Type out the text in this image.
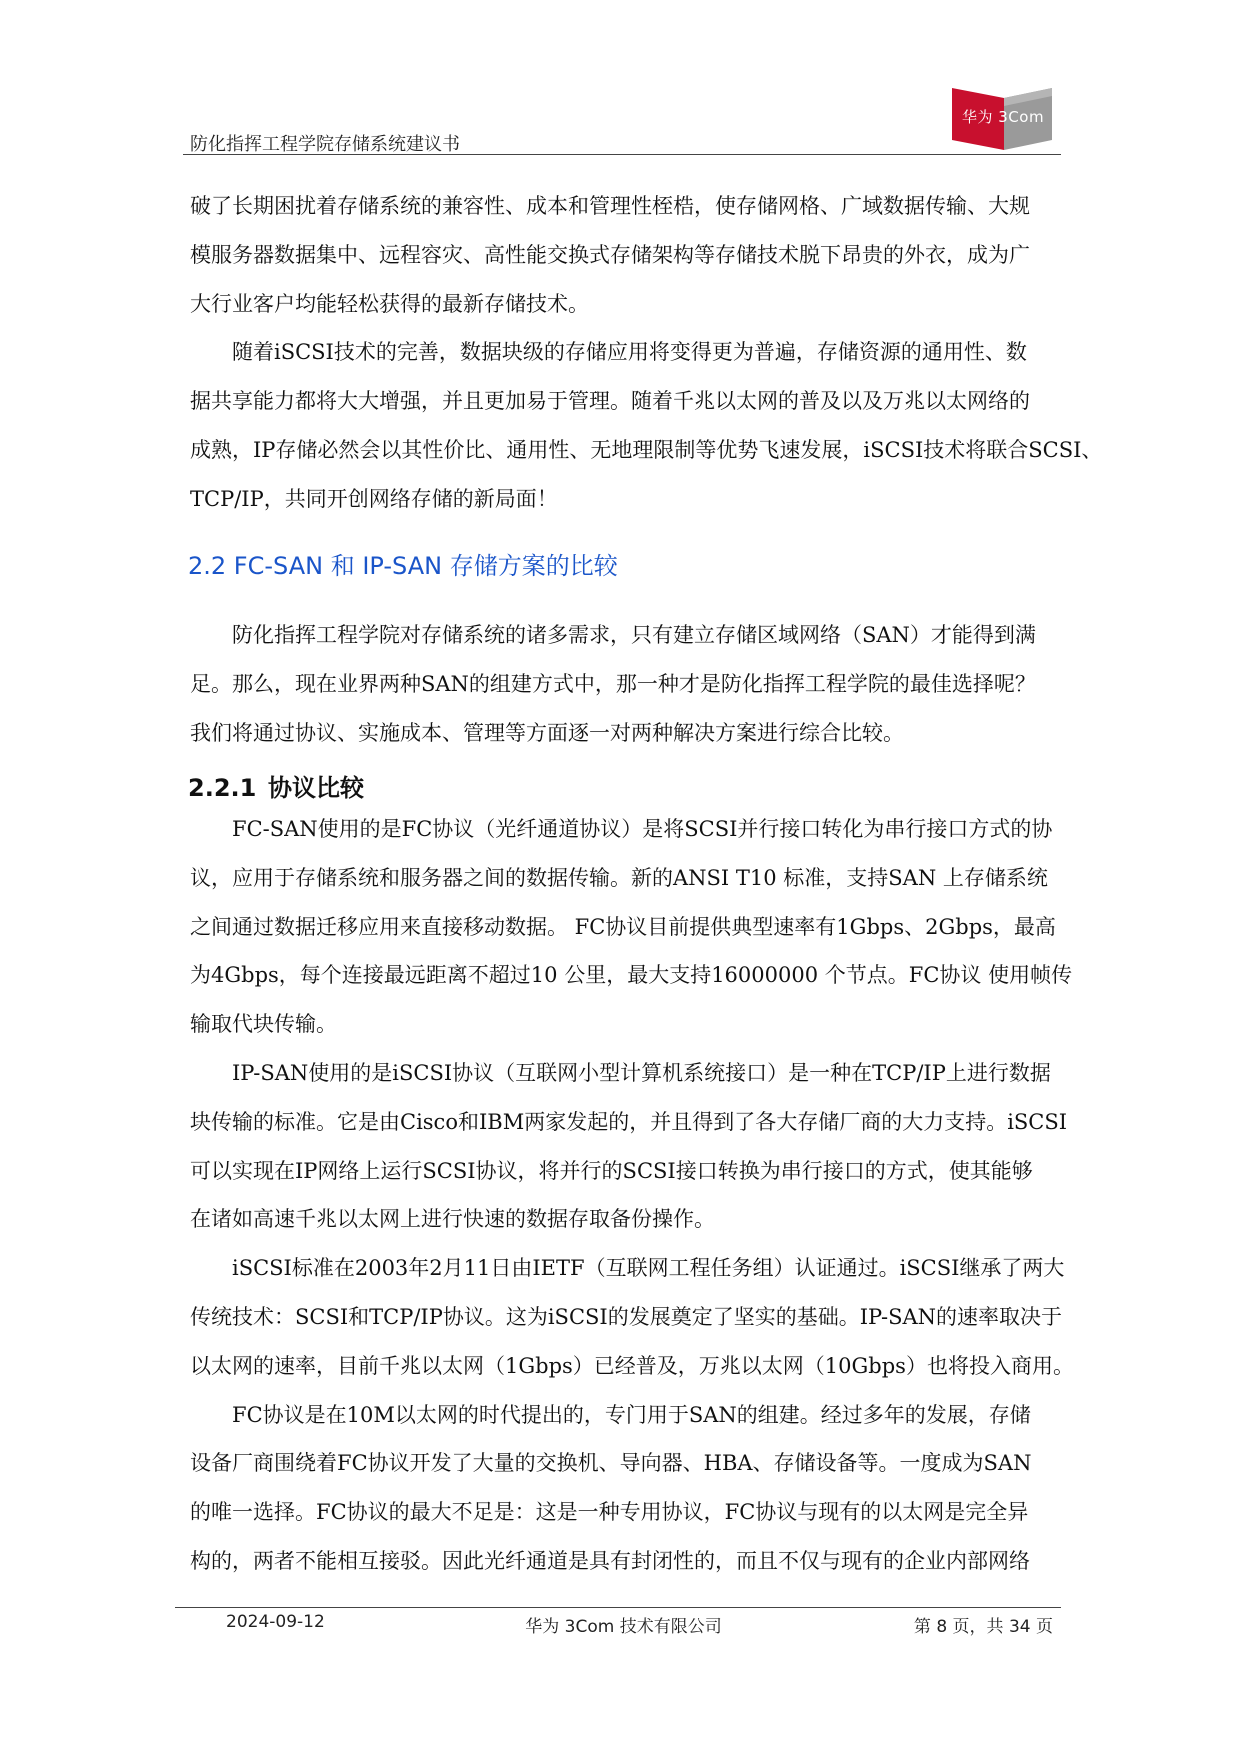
华为 3Com
防化指挥工程学院存储系统建议书
破了长期困扰着存储系统的兼容性、成本和管理性桎梏，使存储网格、广域数据传输、大规
模服务器数据集中、远程容灾、高性能交换式存储架构等存储技术脱下昂贵的外衣，成为广
大行业客户均能轻松获得的最新存储技术。
随着iSCSI技术的完善，数据块级的存储应用将变得更为普遍，存储资源的通用性、数
据共享能力都将大大增强，并且更加易于管理。随着千兆以太网的普及以及万兆以太网络的
成熟，IP存储必然会以其性价比、通用性、无地理限制等优势飞速发展，iSCSI技术将联合SCSI、
TCP/IP，共同开创网络存储的新局面！
2.2 FC-SAN 和 IP-SAN 存储方案的比较
防化指挥工程学院对存储系统的诸多需求，只有建立存储区域网络（SAN）才能得到满
足。那么，现在业界两种SAN的组建方式中，那一种才是防化指挥工程学院的最佳选择呢？
我们将通过协议、实施成本、管理等方面逐一对两种解决方案进行综合比较。
2.2.1 协议比较
FC-SAN使用的是FC协议（光纤通道协议）是将SCSI并行接口转化为串行接口方式的协
议，应用于存储系统和服务器之间的数据传输。新的ANSI T10 标准，支持SAN 上存储系统
之间通过数据迁移应用来直接移动数据。 FC协议目前提供典型速率有1Gbps、2Gbps，最高
为4Gbps，每个连接最远距离不超过10 公里，最大支持16000000 个节点。FC协议 使用帧传
输取代块传输。
IP-SAN使用的是iSCSI协议（互联网小型计算机系统接口）是一种在TCP/IP上进行数据
块传输的标准。它是由Cisco和IBM两家发起的，并且得到了各大存储厂商的大力支持。iSCSI
可以实现在IP网络上运行SCSI协议，将并行的SCSI接口转换为串行接口的方式，使其能够
在诸如高速千兆以太网上进行快速的数据存取备份操作。
iSCSI标准在2003年2月11日由IETF（互联网工程任务组）认证通过。iSCSI继承了两大
传统技术：SCSI和TCP/IP协议。这为iSCSI的发展奠定了坚实的基础。IP-SAN的速率取决于
以太网的速率，目前千兆以太网（1Gbps）已经普及，万兆以太网（10Gbps）也将投入商用。
FC协议是在10M以太网的时代提出的，专门用于SAN的组建。经过多年的发展，存储
设备厂商围绕着FC协议开发了大量的交换机、导向器、HBA、存储设备等。一度成为SAN
的唯一选择。FC协议的最大不足是：这是一种专用协议，FC协议与现有的以太网是完全异
构的，两者不能相互接驳。因此光纤通道是具有封闭性的，而且不仅与现有的企业内部网络
2024-09-12	华为 3Com 技术有限公司	第 8 页，共 34 页
